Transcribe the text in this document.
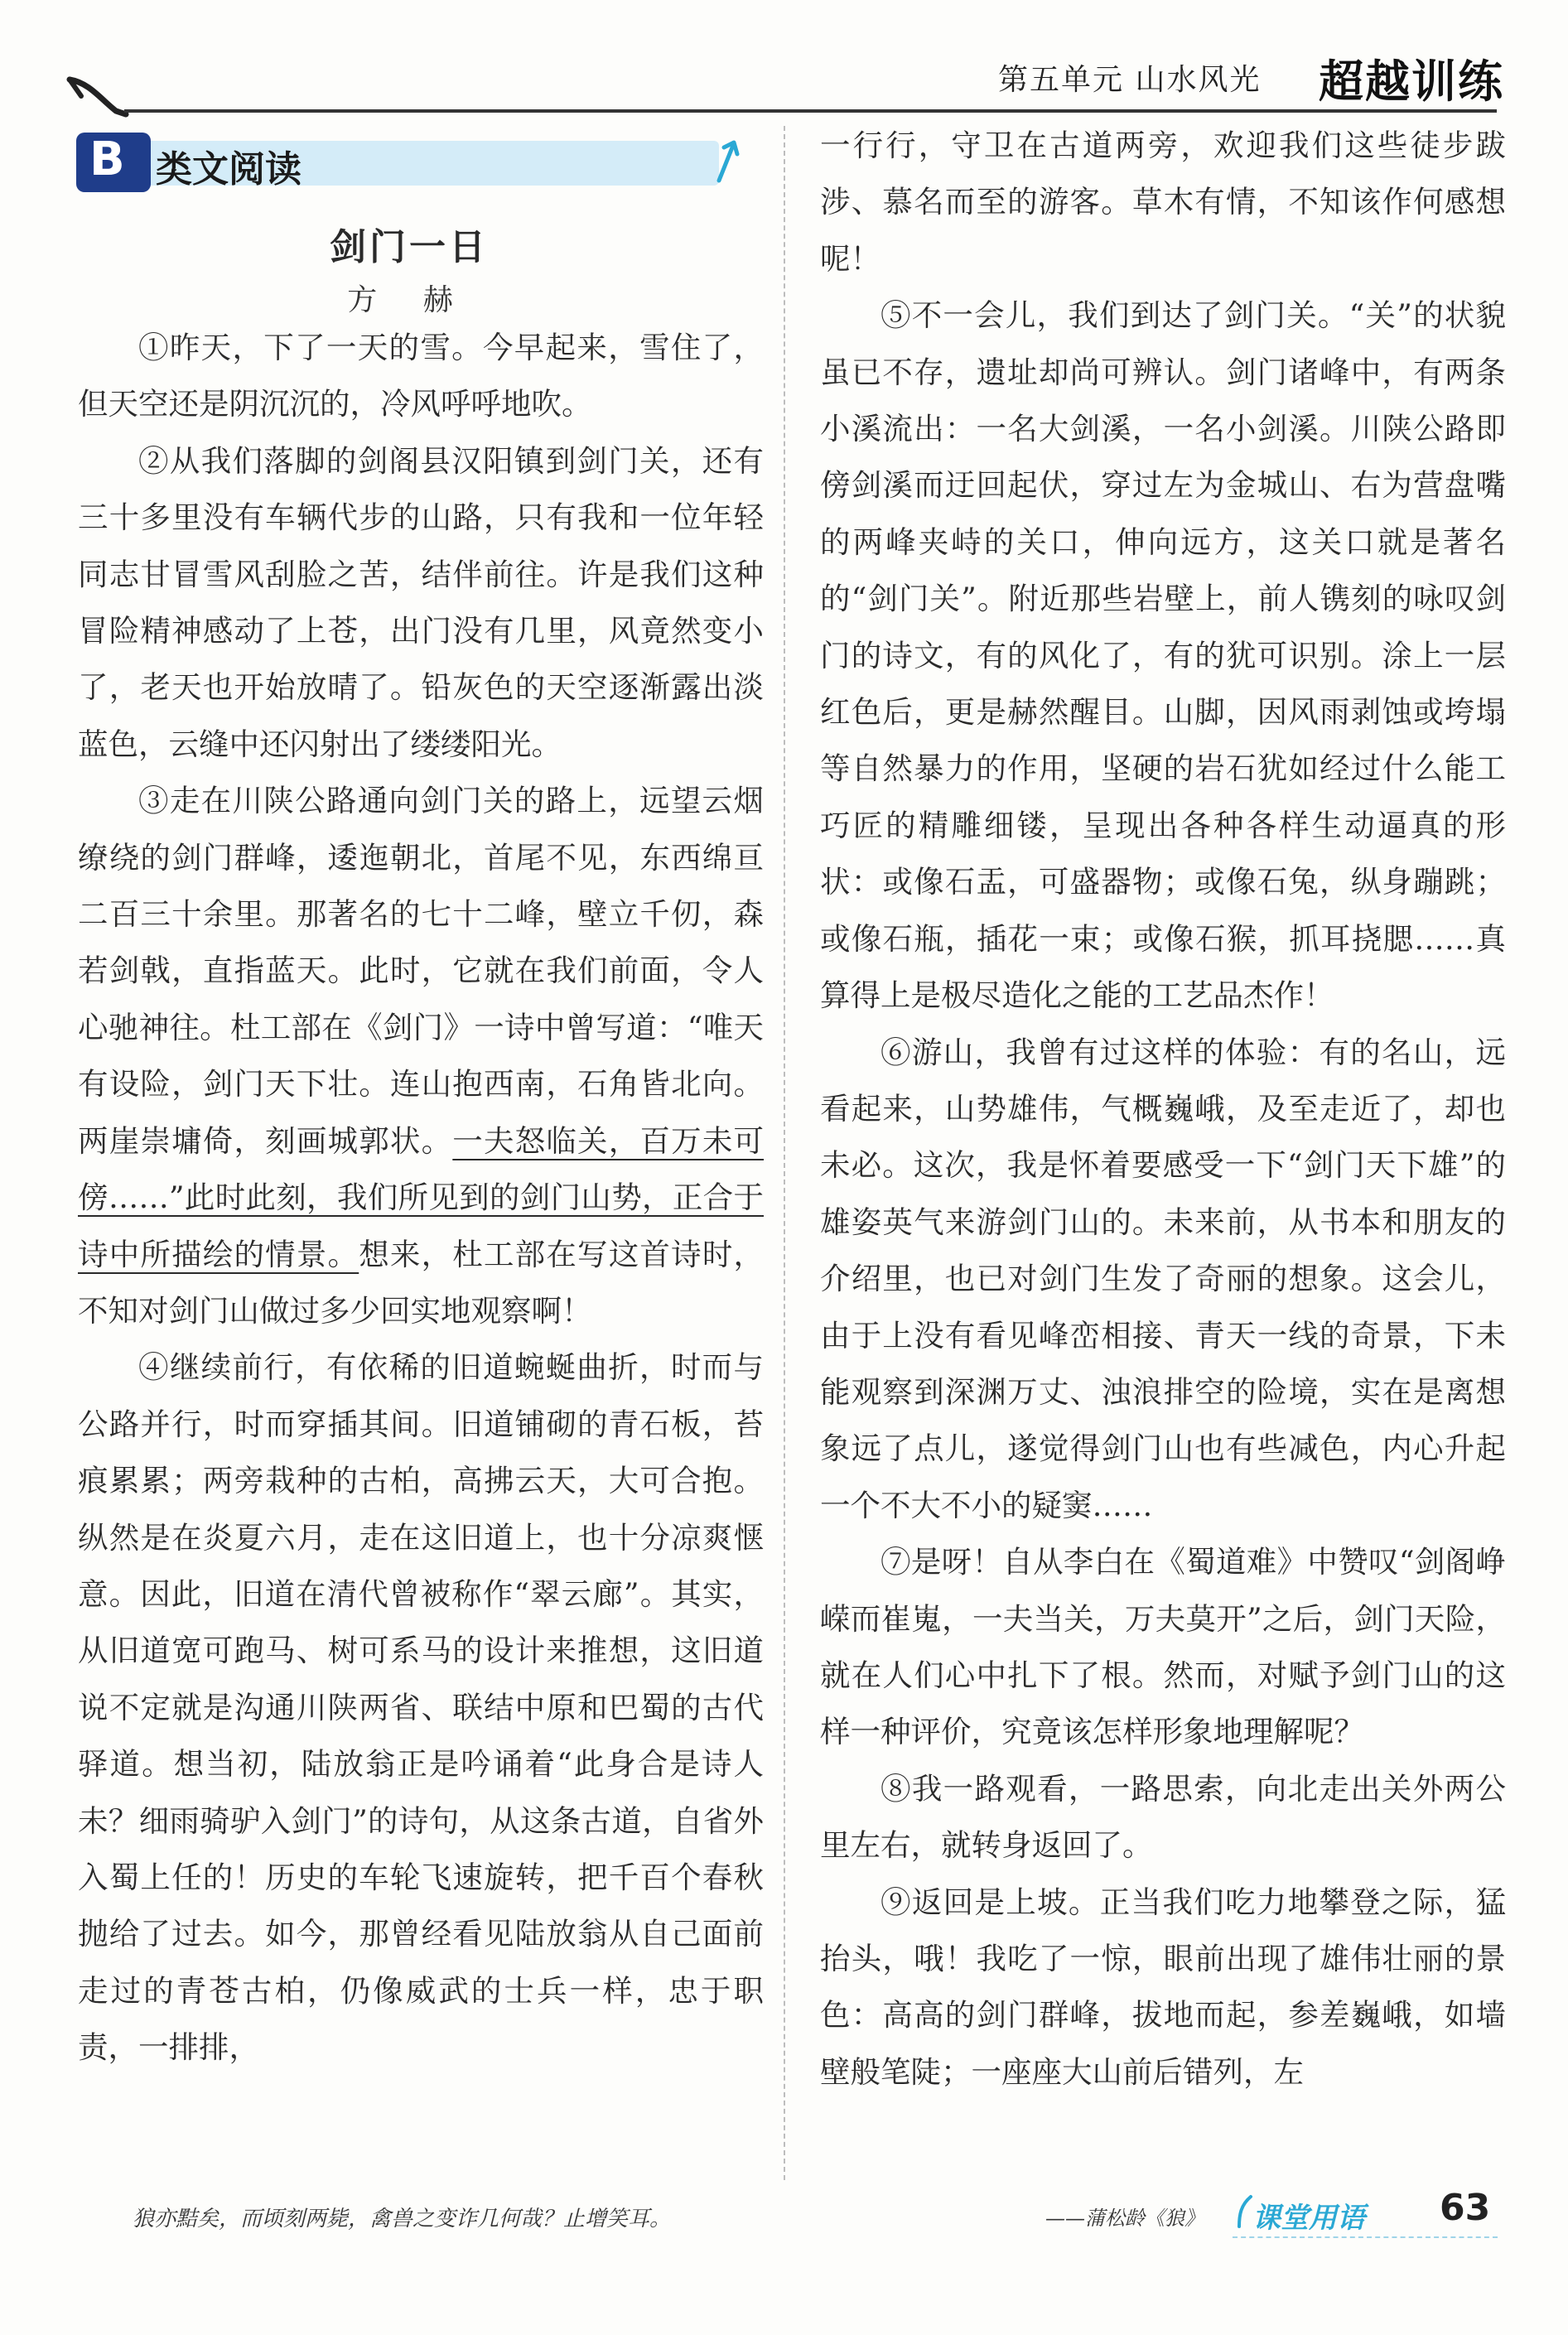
第五单元 山水风光 超越训练
B 类文阅读
剑门一日
方 赫

①昨天，下了一天的雪。今早起来，雪住了，但天空还是阴沉沉的，冷风呼呼地吹。

②从我们落脚的剑阁县汉阳镇到剑门关，还有三十多里没有车辆代步的山路，只有我和一位年轻同志甘冒雪风刮脸之苦，结伴前往。许是我们这种冒险精神感动了上苍，出门没有几里，风竟然变小了，老天也开始放晴了。铅灰色的天空逐渐露出淡蓝色，云缝中还闪射出了缕缕阳光。

③走在川陕公路通向剑门关的路上，远望云烟缭绕的剑门群峰，逶迤朝北，首尾不见，东西绵亘二百三十余里。那著名的七十二峰，壁立千仞，森若剑戟，直指蓝天。此时，它就在我们前面，令人心驰神往。杜工部在《剑门》一诗中曾写道：“唯天有设险，剑门天下壮。连山抱西南，石角皆北向。两崖崇墉倚，刻画城郭状。一夫怒临关，百万未可傍……”此时此刻，我们所见到的剑门山势，正合于诗中所描绘的情景。想来，杜工部在写这首诗时，不知对剑门山做过多少回实地观察啊！

④继续前行，有依稀的旧道蜿蜒曲折，时而与公路并行，时而穿插其间。旧道铺砌的青石板，苔痕累累；两旁栽种的古柏，高拂云天，大可合抱。纵然是在炎夏六月，走在这旧道上，也十分凉爽惬意。因此，旧道在清代曾被称作“翠云廊”。其实，从旧道宽可跑马、树可系马的设计来推想，这旧道说不定就是沟通川陕两省、联结中原和巴蜀的古代驿道。想当初，陆放翁正是吟诵着“此身合是诗人未？细雨骑驴入剑门”的诗句，从这条古道，自省外入蜀上任的！历史的车轮飞速旋转，把千百个春秋抛给了过去。如今，那曾经看见陆放翁从自己面前走过的青苍古柏，仍像威武的士兵一样，忠于职责，一排排，

一行行，守卫在古道两旁，欢迎我们这些徒步跋涉、慕名而至的游客。草木有情，不知该作何感想呢！

⑤不一会儿，我们到达了剑门关。“关”的状貌虽已不存，遗址却尚可辨认。剑门诸峰中，有两条小溪流出：一名大剑溪，一名小剑溪。川陕公路即傍剑溪而迂回起伏，穿过左为金城山、右为营盘嘴的两峰夹峙的关口，伸向远方，这关口就是著名的“剑门关”。附近那些岩壁上，前人镌刻的咏叹剑门的诗文，有的风化了，有的犹可识别。涂上一层红色后，更是赫然醒目。山脚，因风雨剥蚀或垮塌等自然暴力的作用，坚硬的岩石犹如经过什么能工巧匠的精雕细镂，呈现出各种各样生动逼真的形状：或像石盂，可盛器物；或像石兔，纵身蹦跳；或像石瓶，插花一束；或像石猴，抓耳挠腮……真算得上是极尽造化之能的工艺品杰作！

⑥游山，我曾有过这样的体验：有的名山，远看起来，山势雄伟，气概巍峨，及至走近了，却也未必。这次，我是怀着要感受一下“剑门天下雄”的雄姿英气来游剑门山的。未来前，从书本和朋友的介绍里，也已对剑门生发了奇丽的想象。这会儿，由于上没有看见峰峦相接、青天一线的奇景，下未能观察到深渊万丈、浊浪排空的险境，实在是离想象远了点儿，遂觉得剑门山也有些减色，内心升起一个不大不小的疑窦……

⑦是呀！自从李白在《蜀道难》中赞叹“剑阁峥嵘而崔嵬，一夫当关，万夫莫开”之后，剑门天险，就在人们心中扎下了根。然而，对赋予剑门山的这样一种评价，究竟该怎样形象地理解呢？

⑧我一路观看，一路思索，向北走出关外两公里左右，就转身返回了。

⑨返回是上坡。正当我们吃力地攀登之际，猛抬头，哦！我吃了一惊，眼前出现了雄伟壮丽的景色：高高的剑门群峰，拔地而起，参差巍峨，如墙壁般笔陡；一座座大山前后错列，左

狼亦黠矣，而顷刻两毙，禽兽之变诈几何哉？止增笑耳。	——蒲松龄《狼》 课堂用语 63
